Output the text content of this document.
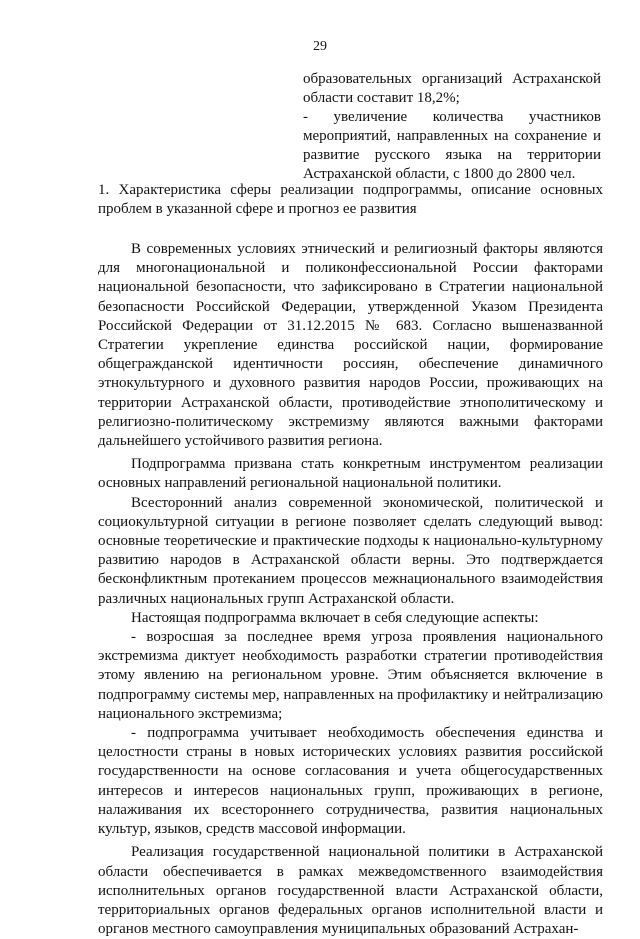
29

образовательных организаций Астраханской области составит 18,2%;

- увеличение количества участников мероприятий, направленных на сохранение и развитие русского языка на территории Астраханской области, с 1800 до 2800 чел.

1. Характеристика сферы реализации подпрограммы, описание основных проблем в указанной сфере и прогноз ее развития

В современных условиях этнический и религиозный факторы являются для многонациональной и поликонфессиональной России факторами национальной безопасности, что зафиксировано в Стратегии национальной безопасности Российской Федерации, утвержденной Указом Президента Российской Федерации от 31.12.2015 № 683. Согласно вышеназванной Стратегии укрепление единства российской нации, формирование общегражданской идентичности россиян, обеспечение динамичного этнокультурного и духовного развития народов России, проживающих на территории Астраханской области, противодействие этнополитическому и религиозно-политическому экстремизму являются важными факторами дальнейшего устойчивого развития региона.

Подпрограмма призвана стать конкретным инструментом реализации основных направлений региональной национальной политики.

Всесторонний анализ современной экономической, политической и социокультурной ситуации в регионе позволяет сделать следующий вывод: основные теоретические и практические подходы к национально-культурному развитию народов в Астраханской области верны. Это подтверждается бесконфликтным протеканием процессов межнационального взаимодействия различных национальных групп Астраханской области.

Настоящая подпрограмма включает в себя следующие аспекты:

- возросшая за последнее время угроза проявления национального экстремизма диктует необходимость разработки стратегии противодействия этому явлению на региональном уровне. Этим объясняется включение в подпрограмму системы мер, направленных на профилактику и нейтрализацию национального экстремизма;

- подпрограмма учитывает необходимость обеспечения единства и целостности страны в новых исторических условиях развития российской государственности на основе согласования и учета общегосударственных интересов и интересов национальных групп, проживающих в регионе, налаживания их всестороннего сотрудничества, развития национальных культур, языков, средств массовой информации.

Реализация государственной национальной политики в Астраханской области обеспечивается в рамках межведомственного взаимодействия исполнительных органов государственной власти Астраханской области, территориальных органов федеральных органов исполнительной власти и органов местного самоуправления муниципальных образований Астрахан-
